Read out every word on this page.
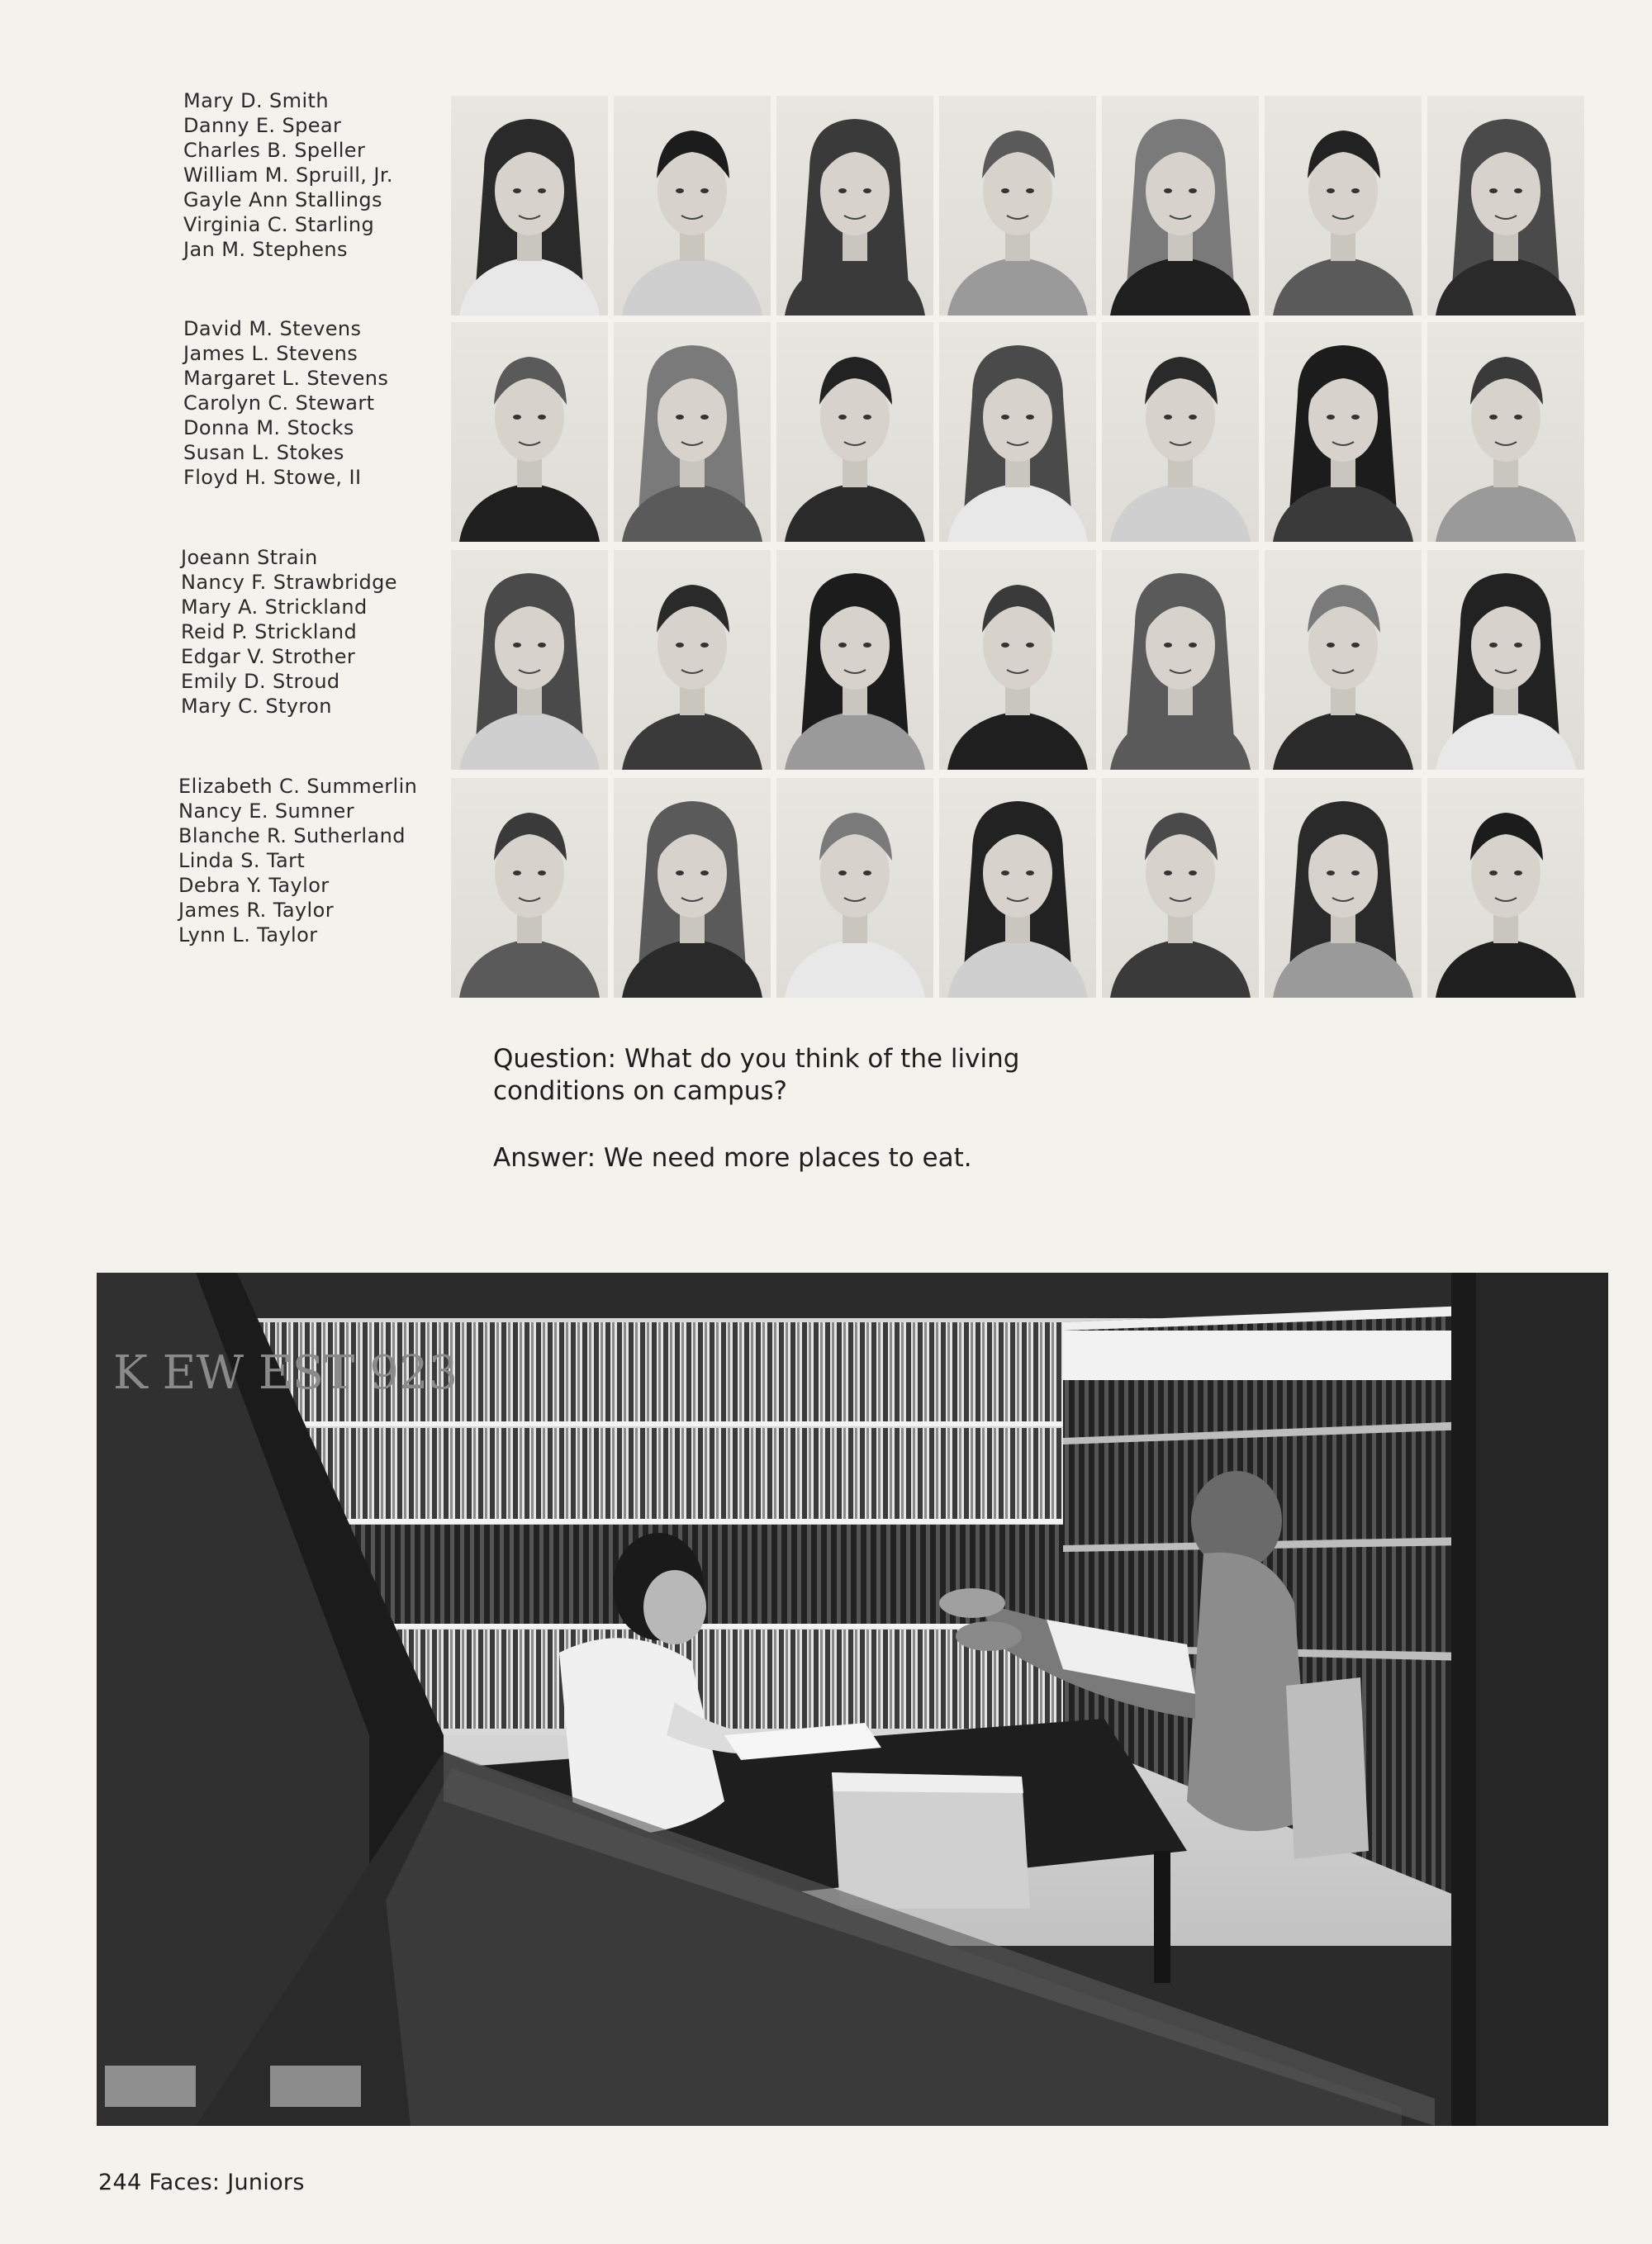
Mary D. Smith
Danny E. Spear
Charles B. Speller
William M. Spruill, Jr.
Gayle Ann Stallings
Virginia C. Starling
Jan M. Stephens
David M. Stevens
James L. Stevens
Margaret L. Stevens
Carolyn C. Stewart
Donna M. Stocks
Susan L. Stokes
Floyd H. Stowe, II
Joeann Strain
Nancy F. Strawbridge
Mary A. Strickland
Reid P. Strickland
Edgar V. Strother
Emily D. Stroud
Mary C. Styron
Elizabeth C. Summerlin
Nancy E. Sumner
Blanche R. Sutherland
Linda S. Tart
Debra Y. Taylor
James R. Taylor
Lynn L. Taylor
Question: What do you think of the living conditions on campus?
Answer: We need more places to eat.
K EW EST 923
244 Faces: Juniors
